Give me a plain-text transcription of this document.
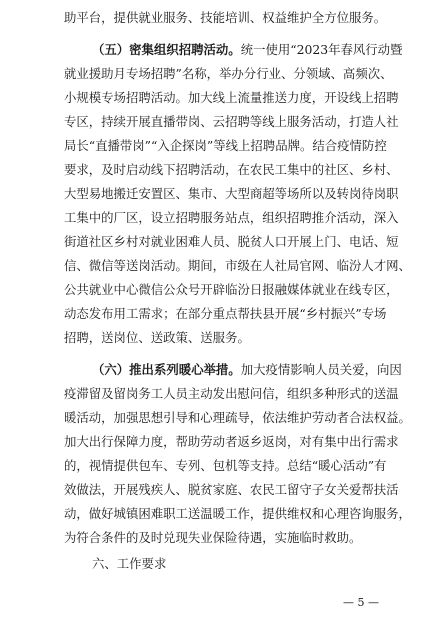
助平台，提供就业服务、技能培训、权益维护全方位服务。
（五）密集组织招聘活动。统一使用“2023年春风行动暨
就业援助月专场招聘”名称，举办分行业、分领域、高频次、
小规模专场招聘活动。加大线上流量推送力度，开设线上招聘
专区，持续开展直播带岗、云招聘等线上服务活动，打造人社
局长“直播带岗”“入企探岗”等线上招聘品牌。结合疫情防控
要求，及时启动线下招聘活动，在农民工集中的社区、乡村、
大型易地搬迁安置区、集市、大型商超等场所以及转岗待岗职
工集中的厂区，设立招聘服务站点，组织招聘推介活动，深入
街道社区乡村对就业困难人员、脱贫人口开展上门、电话、短
信、微信等送岗活动。期间，市级在人社局官网、临汾人才网、
公共就业中心微信公众号开辟临汾日报融媒体就业在线专区，
动态发布用工需求；在部分重点帮扶县开展“乡村振兴”专场
招聘，送岗位、送政策、送服务。
（六）推出系列暖心举措。加大疫情影响人员关爱，向因
疫滞留及留岗务工人员主动发出慰问信，组织多种形式的送温
暖活动，加强思想引导和心理疏导，依法维护劳动者合法权益。
加大出行保障力度，帮助劳动者返乡返岗，对有集中出行需求
的，视情提供包车、专列、包机等支持。总结“暖心活动”有
效做法，开展残疾人、脱贫家庭、农民工留守子女关爱帮扶活
动，做好城镇困难职工送温暖工作，提供维权和心理咨询服务，
为符合条件的及时兑现失业保险待遇，实施临时救助。
六、工作要求
— 5 —
